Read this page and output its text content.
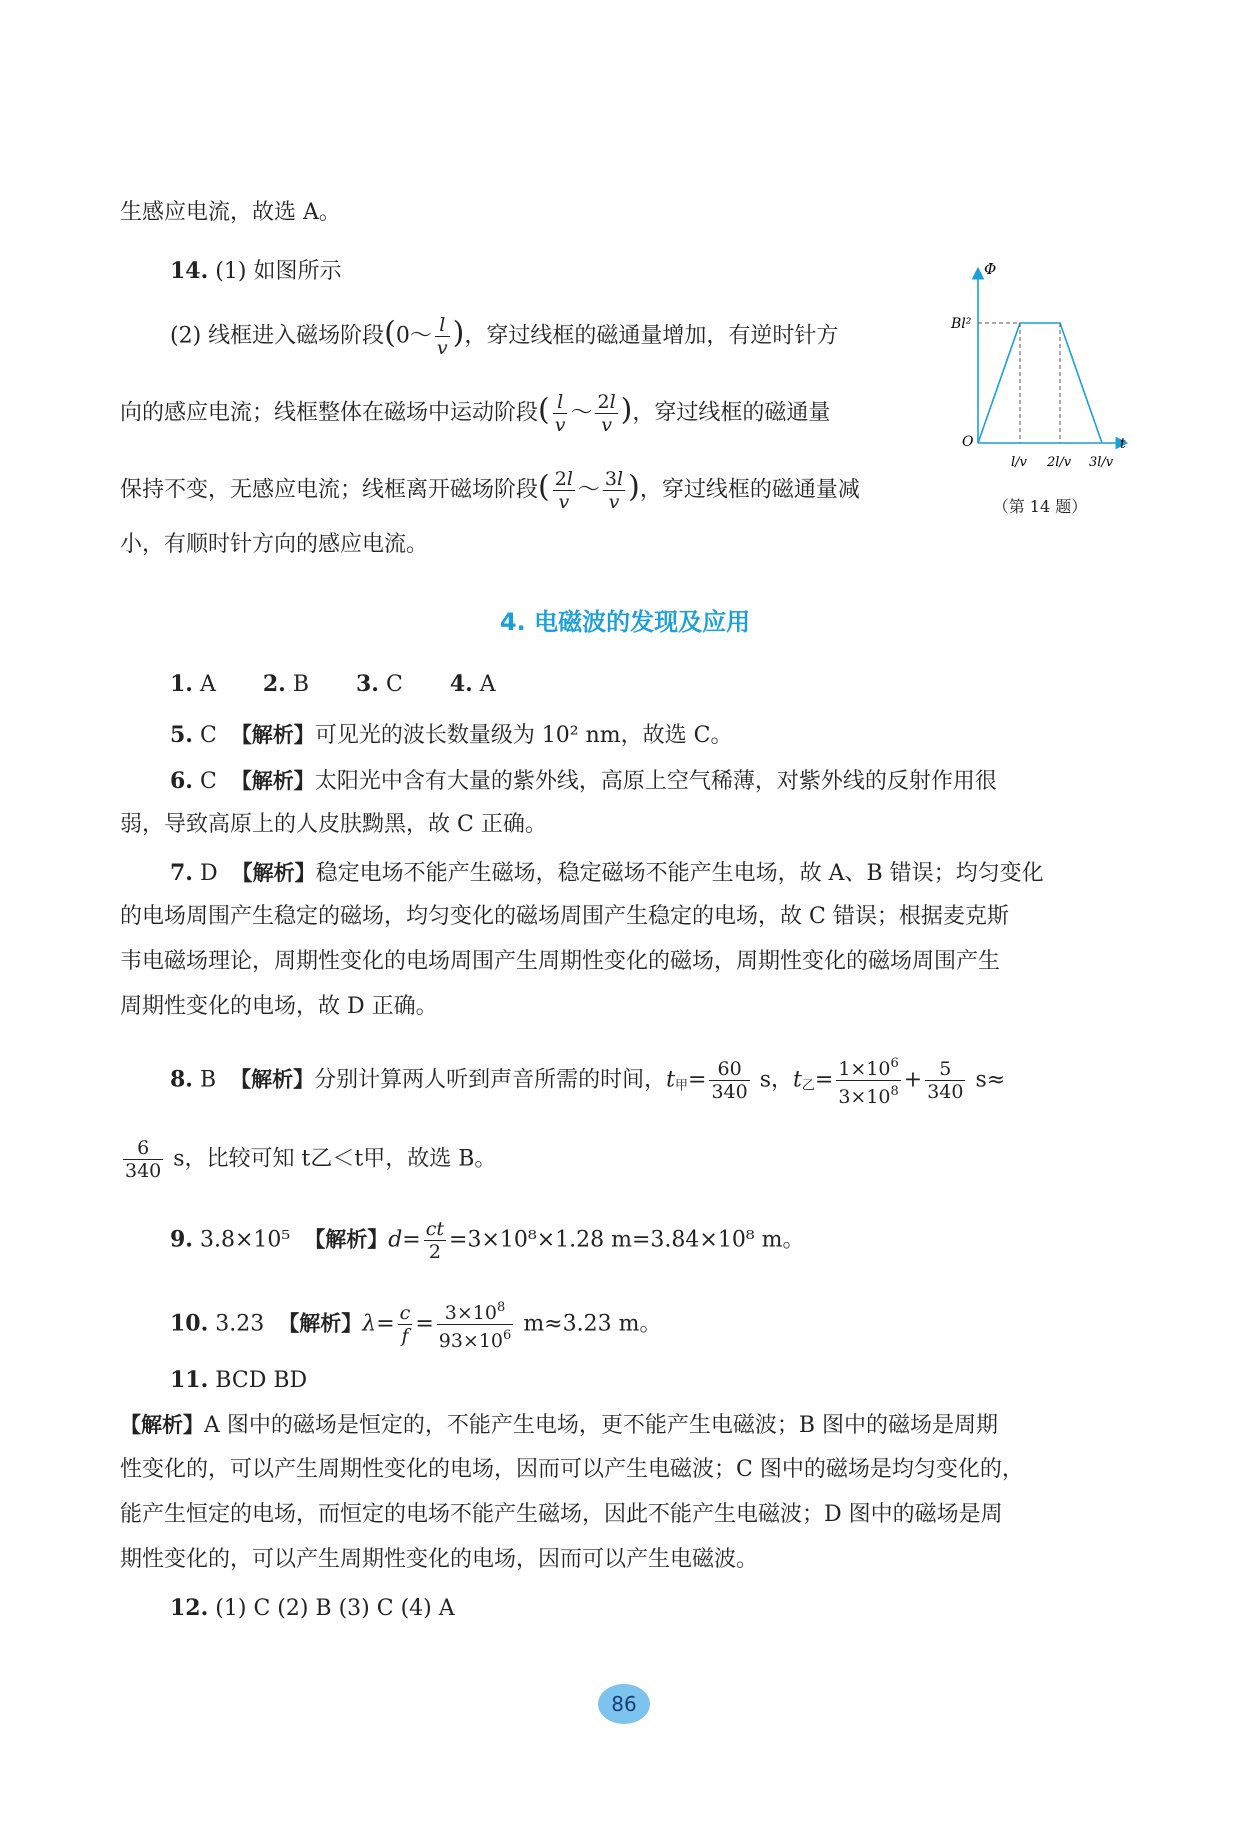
生感应电流，故选 A。
14. (1) 如图所示
(2) 线框进入磁场阶段(0～ $\frac{l}{v}$ )，穿过线框的磁通量增加，有逆时针方
向的感应电流；线框整体在磁场中运动阶段( $\frac{l}{v}$ ～ $\frac{2l}{v}$ )，穿过线框的磁通量
保持不变，无感应电流；线框离开磁场阶段( $\frac{2l}{v}$ ～ $\frac{3l}{v}$ )，穿过线框的磁通量减
小，有顺时针方向的感应电流。
Φ
Bl²
O	t
l/v 2l/v 3l/v
（第 14 题）
4. 电磁波的发现及应用
1. A 2. B 3. C 4. A
5. C 【解析】可见光的波长数量级为 10² nm，故选 C。
6. C 【解析】太阳光中含有大量的紫外线，高原上空气稀薄，对紫外线的反射作用很
弱，导致高原上的人皮肤黝黑，故 C 正确。
7. D 【解析】稳定电场不能产生磁场，稳定磁场不能产生电场，故 A、B 错误；均匀变化
的电场周围产生稳定的磁场，均匀变化的磁场周围产生稳定的电场，故 C 错误；根据麦克斯
韦电磁场理论，周期性变化的电场周围产生周期性变化的磁场，周期性变化的磁场周围产生
周期性变化的电场，故 D 正确。
8. B 【解析】分别计算两人听到声音所需的时间，$t_甲= \frac{60}{340}$ s，$t_乙= \frac{1\times 10^6}{3\times 10^8} + \frac{5}{340} s\approx$
$\frac{6}{340}$ s，比较可知 t乙＜t甲，故选 B。
9. 3.8×10⁵ 【解析】$d= \frac{ct}{2} =3\times 10^8\times 1.28$ m=3.84×10⁸ m。
10. 3.23 【解析】$\lambda= \frac{c}{f} = \frac{3\times 10^8}{93\times 10^6} m\approx 3.23$ m。
11. BCD BD
【解析】A 图中的磁场是恒定的，不能产生电场，更不能产生电磁波；B 图中的磁场是周期
性变化的，可以产生周期性变化的电场，因而可以产生电磁波；C 图中的磁场是均匀变化的，
能产生恒定的电场，而恒定的电场不能产生磁场，因此不能产生电磁波；D 图中的磁场是周
期性变化的，可以产生周期性变化的电场，因而可以产生电磁波。
12. (1) C (2) B (3) C (4) A
86
